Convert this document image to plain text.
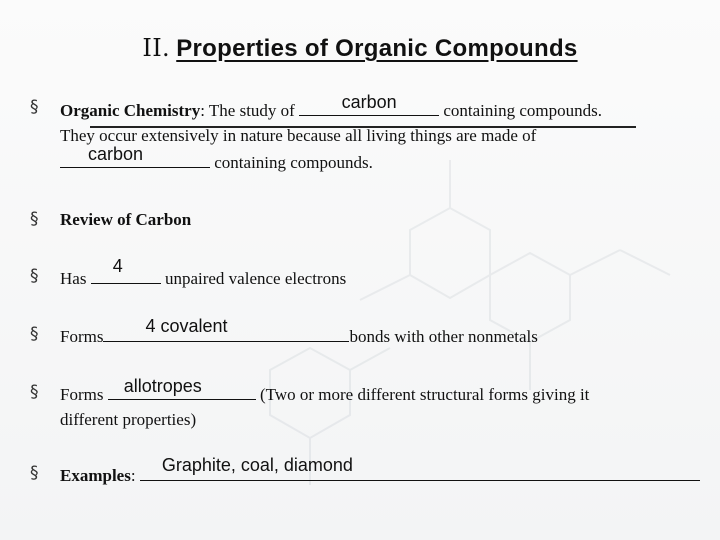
II. Properties of Organic Compounds
§ Organic Chemistry: The study of	carbon	containing compounds.
They occur extensively in nature because all living things are made of
carbon	containing compounds.
§ Review of Carbon
§ Has
4
unpaired valence electrons
§ Forms
4 covalent
bonds with other nonmetals
§ Forms allotropes	(Two or more different structural forms giving it
different properties)
§ Examples:
Graphite, coal, diamond
